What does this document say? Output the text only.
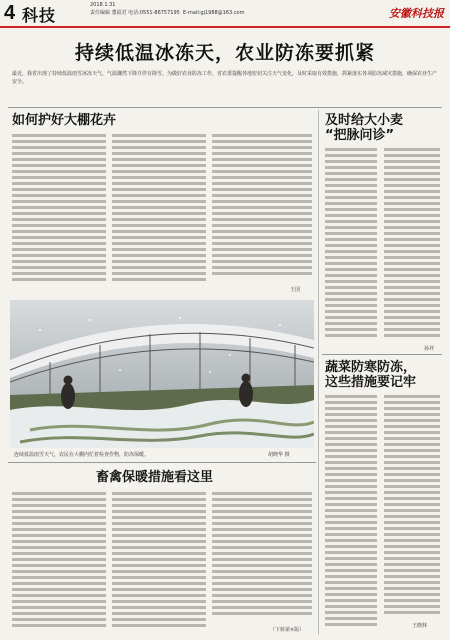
4 科技
2018.1.31
责任编辑 董福君 电话:0551-86757195 E-mail:gj1988@163.com	安徽科技报
持续低温冰冻天，农业防冻要抓紧
最近，我省出现了持续低温雨雪冰冻天气，气温骤然下降并伴有降雪。为做好农业防冻工作，省农委提醒各地密切关注天气变化，及时采取有效措施，抓紧落实各项防冻减灾措施，确保农业生产安全。
如何护好大棚花卉
王国
及时给大小麦
“把脉问诊”
孙祥
蔬菜防寒防冻，
这些措施要记牢
王晓林
连续低温雨雪天气，农民在大棚内忙着检查作物，防冻保暖。	胡晓华 摄
畜禽保暖措施看这里
（下转第×版）
